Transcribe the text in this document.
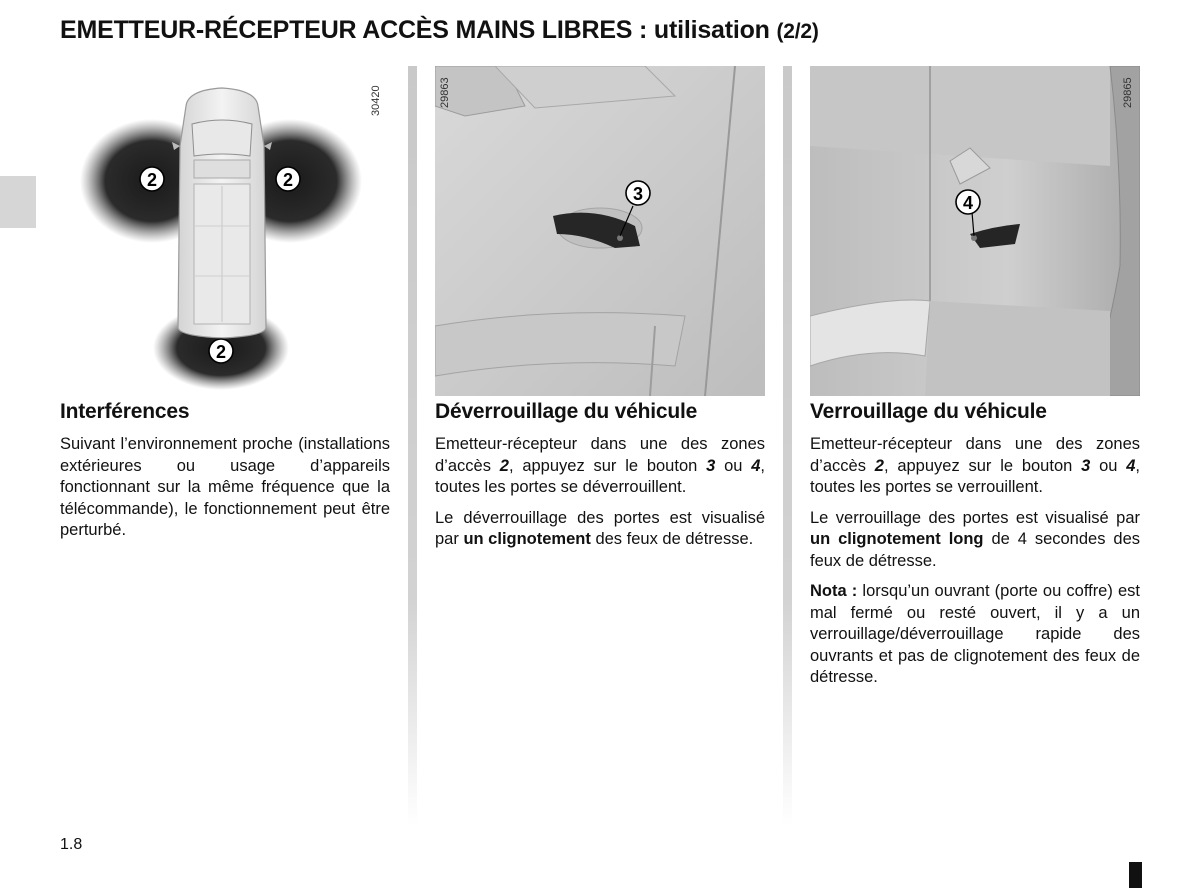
EMETTEUR-RÉCEPTEUR ACCÈS MAINS LIBRES : utilisation (2/2)
2	2
2
30420
3
29863
4
29865
Interférences

Suivant l’environnement proche (installations extérieures ou usage d’appareils fonctionnant sur la même fréquence que la télécommande), le fonctionnement peut être perturbé.

Déverrouillage du véhicule

Emetteur-récepteur dans une des zones d’accès 2, appuyez sur le bouton 3 ou 4, toutes les portes se déverrouillent.

Le déverrouillage des portes est visualisé par un clignotement des feux de détresse.

Verrouillage du véhicule

Emetteur-récepteur dans une des zones d’accès 2, appuyez sur le bouton 3 ou 4, toutes les portes se verrouillent.

Le verrouillage des portes est visualisé par un clignotement long de 4 secondes des feux de détresse.

Nota : lorsqu’un ouvrant (porte ou coffre) est mal fermé ou resté ouvert, il y a un verrouillage/déverrouillage rapide des ouvrants et pas de clignotement des feux de détresse.

1.8
